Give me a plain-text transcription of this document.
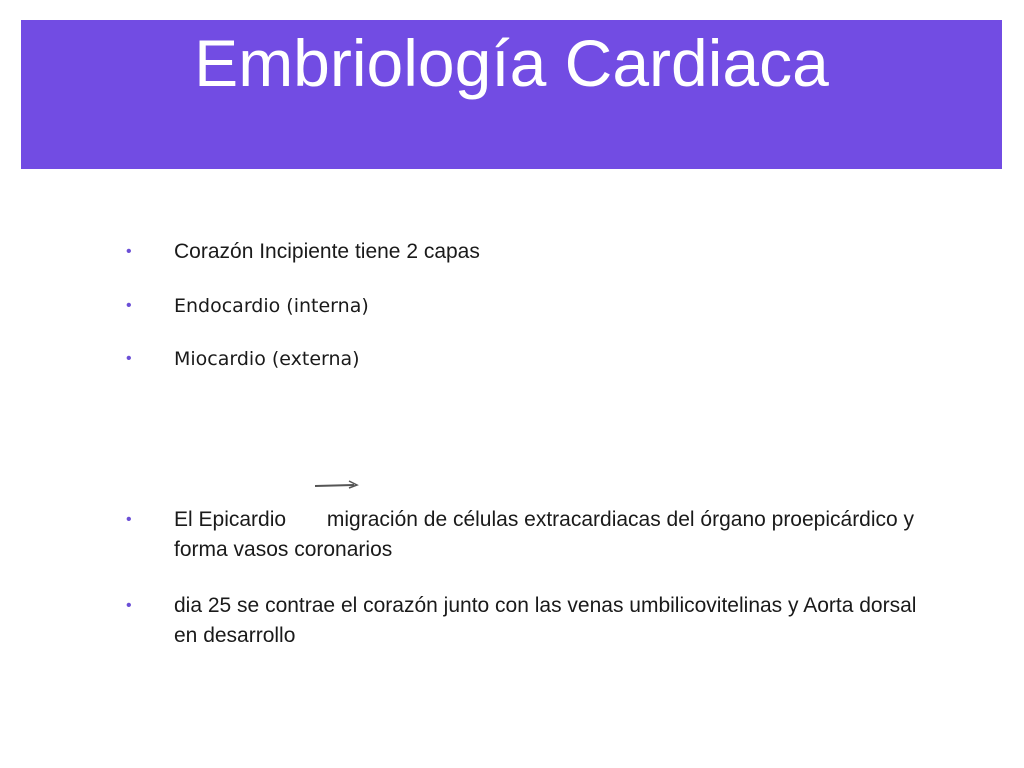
Embriología Cardiaca
•	Corazón Incipiente tiene 2 capas
•	Endocardio (interna)
•	Miocardio (externa)
•	El Epicardio       migración de células extracardiacas del órgano proepicárdico y forma vasos coronarios
•	dia 25 se contrae el corazón junto con las venas umbilicovitelinas y Aorta dorsal en desarrollo
